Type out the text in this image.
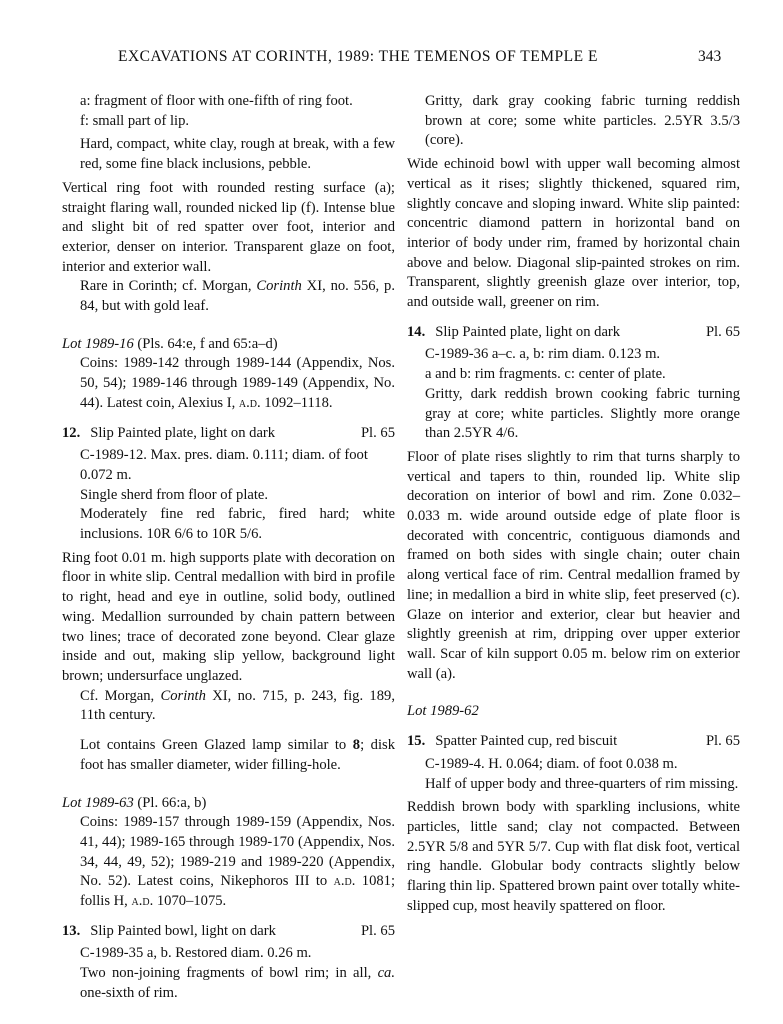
EXCAVATIONS AT CORINTH, 1989: THE TEMENOS OF TEMPLE E	343

a: fragment of floor with one-fifth of ring foot.

f: small part of lip.

Hard, compact, white clay, rough at break, with a few red, some fine black inclusions, pebble.

Vertical ring foot with rounded resting surface (a); straight flaring wall, rounded nicked lip (f). Intense blue and slight bit of red spatter over foot, interior and exterior, denser on interior. Transparent glaze on foot, interior and exterior wall.

Rare in Corinth; cf. Morgan, Corinth XI, no. 556, p. 84, but with gold leaf.

Lot 1989-16 (Pls. 64:e, f and 65:a–d)

Coins: 1989-142 through 1989-144 (Appendix, Nos. 50, 54); 1989-146 through 1989-149 (Appendix, No. 44). Latest coin, Alexius I, a.d. 1092–1118.

12. Slip Painted plate, light on dark	Pl. 65

C-1989-12. Max. pres. diam. 0.111; diam. of foot 0.072 m.

Single sherd from floor of plate.

Moderately fine red fabric, fired hard; white inclusions. 10R 6/6 to 10R 5/6.

Ring foot 0.01 m. high supports plate with decoration on floor in white slip. Central medallion with bird in profile to right, head and eye in outline, solid body, outlined wing. Medallion surrounded by chain pattern between two lines; trace of decorated zone beyond. Clear glaze inside and out, making slip yellow, background light brown; undersurface unglazed.

Cf. Morgan, Corinth XI, no. 715, p. 243, fig. 189, 11th century.

Lot contains Green Glazed lamp similar to 8; disk foot has smaller diameter, wider filling-hole.

Lot 1989-63 (Pl. 66:a, b)

Coins: 1989-157 through 1989-159 (Appendix, Nos. 41, 44); 1989-165 through 1989-170 (Appendix, Nos. 34, 44, 49, 52); 1989-219 and 1989-220 (Appendix, No. 52). Latest coins, Nikephoros III to a.d. 1081; follis H, a.d. 1070–1075.

13. Slip Painted bowl, light on dark	Pl. 65

C-1989-35 a, b. Restored diam. 0.26 m.

Two non-joining fragments of bowl rim; in all, ca. one-sixth of rim.

Gritty, dark gray cooking fabric turning reddish brown at core; some white particles. 2.5YR 3.5/3 (core).

Wide echinoid bowl with upper wall becoming almost vertical as it rises; slightly thickened, squared rim, slightly concave and sloping inward. White slip painted: concentric diamond pattern in horizontal band on interior of body under rim, framed by horizontal chain above and below. Diagonal slip-painted strokes on rim. Transparent, slightly greenish glaze over interior, top, and outside wall, greener on rim.

14. Slip Painted plate, light on dark	Pl. 65

C-1989-36 a–c. a, b: rim diam. 0.123 m.

a and b: rim fragments. c: center of plate.

Gritty, dark reddish brown cooking fabric turning gray at core; white particles. Slightly more orange than 2.5YR 4/6.

Floor of plate rises slightly to rim that turns sharply to vertical and tapers to thin, rounded lip. White slip decoration on interior of bowl and rim. Zone 0.032–0.033 m. wide around outside edge of plate floor is decorated with concentric, contiguous diamonds and framed on both sides with single chain; outer chain along vertical face of rim. Central medallion framed by line; in medallion a bird in white slip, feet preserved (c). Glaze on interior and exterior, clear but heavier and slightly greenish at rim, dripping over upper exterior wall. Scar of kiln support 0.05 m. below rim on exterior wall (a).

Lot 1989-62

15. Spatter Painted cup, red biscuit	Pl. 65

C-1989-4. H. 0.064; diam. of foot 0.038 m.

Half of upper body and three-quarters of rim missing.

Reddish brown body with sparkling inclusions, white particles, little sand; clay not compacted. Between 2.5YR 5/8 and 5YR 5/7. Cup with flat disk foot, vertical ring handle. Globular body contracts slightly below flaring thin lip. Spattered brown paint over totally white-slipped cup, most heavily spattered on floor.
